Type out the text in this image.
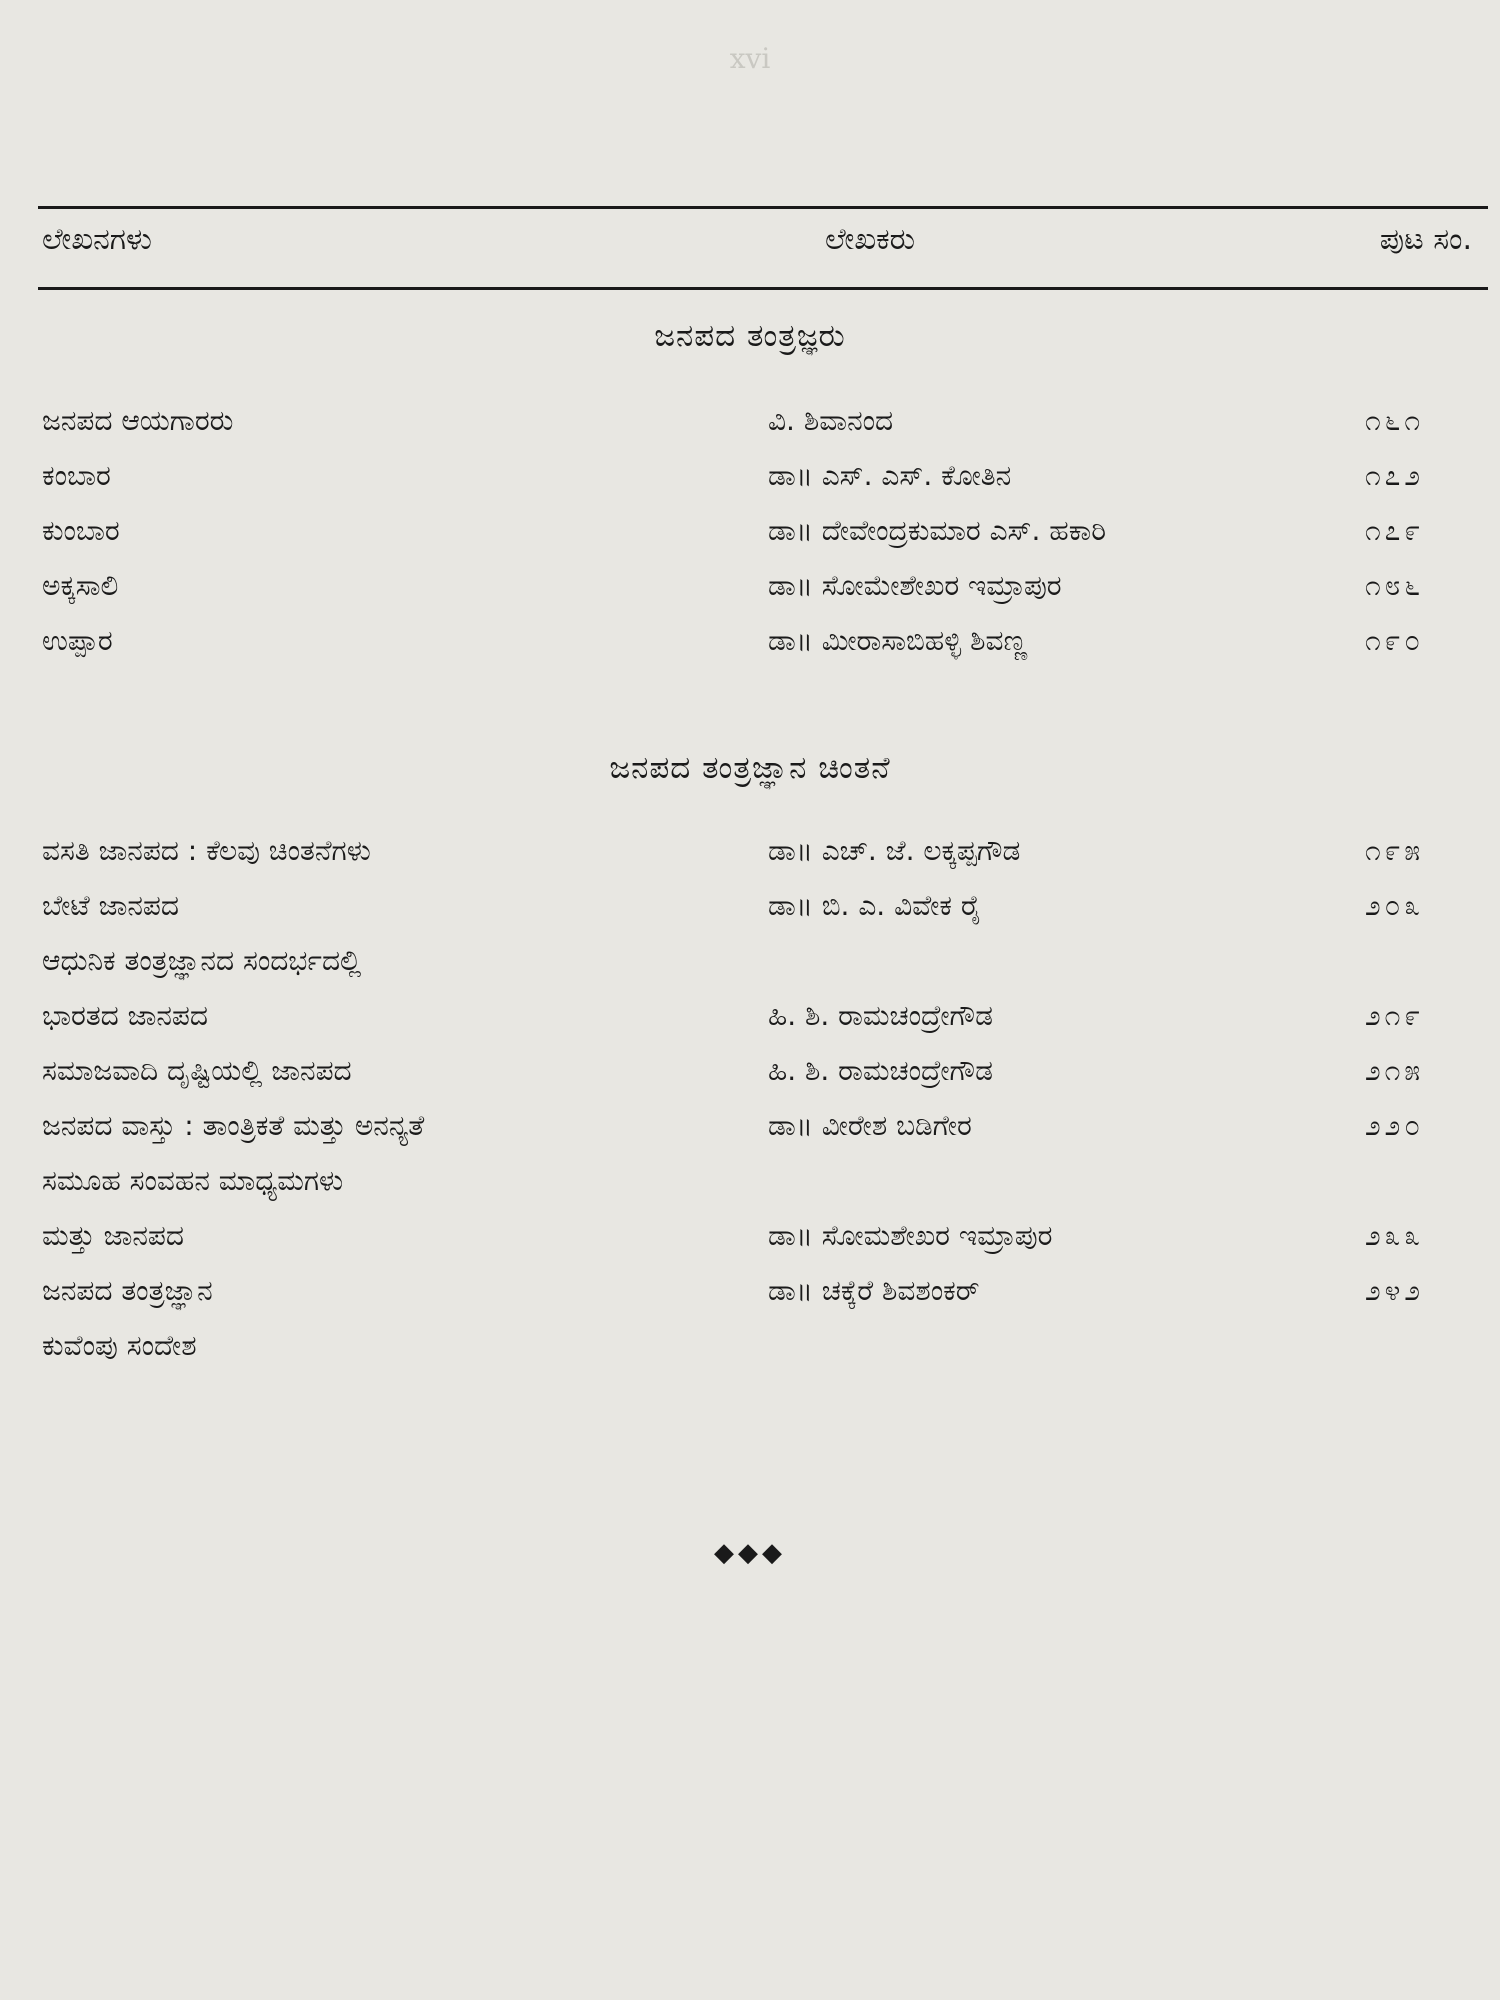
xvi
ಲೇಖನಗಳು	ಲೇಖಕರು	ಪುಟ ಸಂ.
ಜನಪದ ತಂತ್ರಜ್ಞರು
ಜನಪದ ಆಯಗಾರರು	ವಿ. ಶಿವಾನಂದ	೧೬೧
ಕಂಬಾರ	ಡಾ॥ ಎಸ್. ಎಸ್. ಕೋತಿನ	೧೭೨
ಕುಂಬಾರ	ಡಾ॥ ದೇವೇಂದ್ರಕುಮಾರ ಎಸ್. ಹಕಾರಿ	೧೭೯
ಅಕ್ಕಸಾಲಿ	ಡಾ॥ ಸೋಮೇಶೇಖರ ಇಮ್ರಾಪುರ	೧೮೬
ಉಪ್ಪಾರ	ಡಾ॥ ಮೀರಾಸಾಬಿಹಳ್ಳಿ ಶಿವಣ್ಣ	೧೯೦
ಜನಪದ ತಂತ್ರಜ್ಞಾನ ಚಿಂತನೆ
ವಸತಿ ಜಾನಪದ : ಕೆಲವು ಚಿಂತನೆಗಳು	ಡಾ॥ ಎಚ್. ಜೆ. ಲಕ್ಕಪ್ಪಗೌಡ	೧೯೫
ಬೇಟೆ ಜಾನಪದ	ಡಾ॥ ಬಿ. ಎ. ವಿವೇಕ ರೈ	೨೦೩
ಆಧುನಿಕ ತಂತ್ರಜ್ಞಾನದ ಸಂದರ್ಭದಲ್ಲಿ
ಭಾರತದ ಜಾನಪದ	ಹಿ. ಶಿ. ರಾಮಚಂದ್ರೇಗೌಡ	೨೧೯
ಸಮಾಜವಾದಿ ದೃಷ್ಟಿಯಲ್ಲಿ ಜಾನಪದ	ಹಿ. ಶಿ. ರಾಮಚಂದ್ರೇಗೌಡ	೨೧೫
ಜನಪದ ವಾಸ್ತು : ತಾಂತ್ರಿಕತೆ ಮತ್ತು ಅನನ್ಯತೆ	ಡಾ॥ ವೀರೇಶ ಬಡಿಗೇರ	೨೨೦
ಸಮೂಹ ಸಂವಹನ ಮಾಧ್ಯಮಗಳು
ಮತ್ತು ಜಾನಪದ	ಡಾ॥ ಸೋಮಶೇಖರ ಇಮ್ರಾಪುರ	೨೩೩
ಜನಪದ ತಂತ್ರಜ್ಞಾನ	ಡಾ॥ ಚಕ್ಕೆರೆ ಶಿವಶಂಕರ್	೨೪೨
ಕುವೆಂಪು ಸಂದೇಶ
◆◆◆
